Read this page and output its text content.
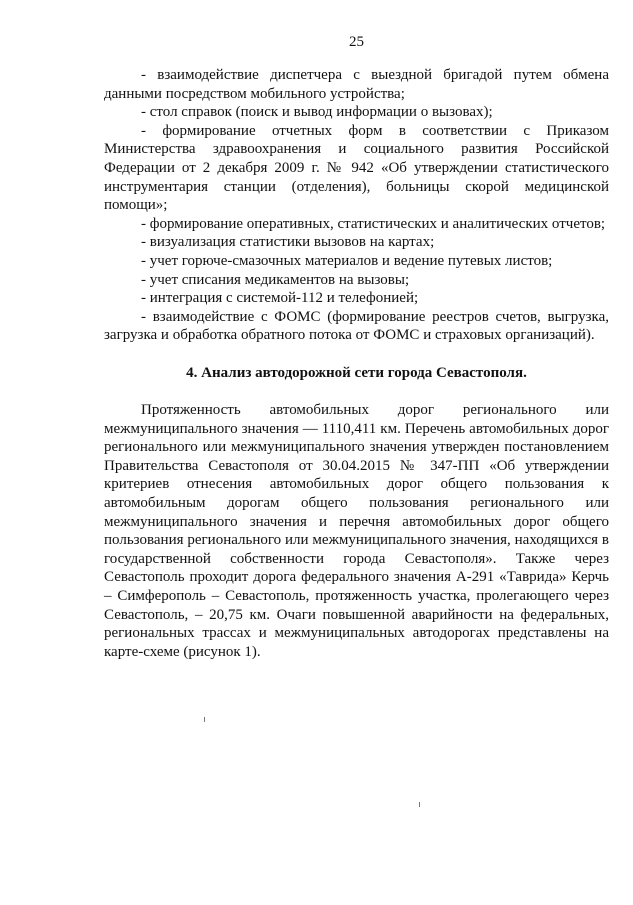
25

- взаимодействие диспетчера с выездной бригадой путем обмена данными посредством мобильного устройства;

- стол справок (поиск и вывод информации о вызовах);

- формирование отчетных форм в соответствии с Приказом Министерства здравоохранения и социального развития Российской Федерации от 2 декабря 2009 г. № 942 «Об утверждении статистического инструментария станции (отделения), больницы скорой медицинской помощи»;

- формирование оперативных, статистических и аналитических отчетов;

- визуализация статистики вызовов на картах;

- учет горюче-смазочных материалов и ведение путевых листов;

- учет списания медикаментов на вызовы;

- интеграция с системой-112 и телефонией;

- взаимодействие с ФОМС (формирование реестров счетов, выгрузка, загрузка и обработка обратного потока от ФОМС и страховых организаций).

4. Анализ автодорожной сети города Севастополя.

Протяженность автомобильных дорог регионального или межмуниципального значения — 1110,411 км. Перечень автомобильных дорог регионального или межмуниципального значения утвержден постановлением Правительства Севастополя от 30.04.2015 № 347-ПП «Об утверждении критериев отнесения автомобильных дорог общего пользования к автомобильным дорогам общего пользования регионального или межмуниципального значения и перечня автомобильных дорог общего пользования регионального или межмуниципального значения, находящихся в государственной собственности города Севастополя». Также через Севастополь проходит дорога федерального значения А-291 «Таврида» Керчь – Симферополь – Севастополь, протяженность участка, пролегающего через Севастополь, – 20,75 км. Очаги повышенной аварийности на федеральных, региональных трассах и межмуниципальных автодорогах представлены на карте-схеме (рисунок 1).
